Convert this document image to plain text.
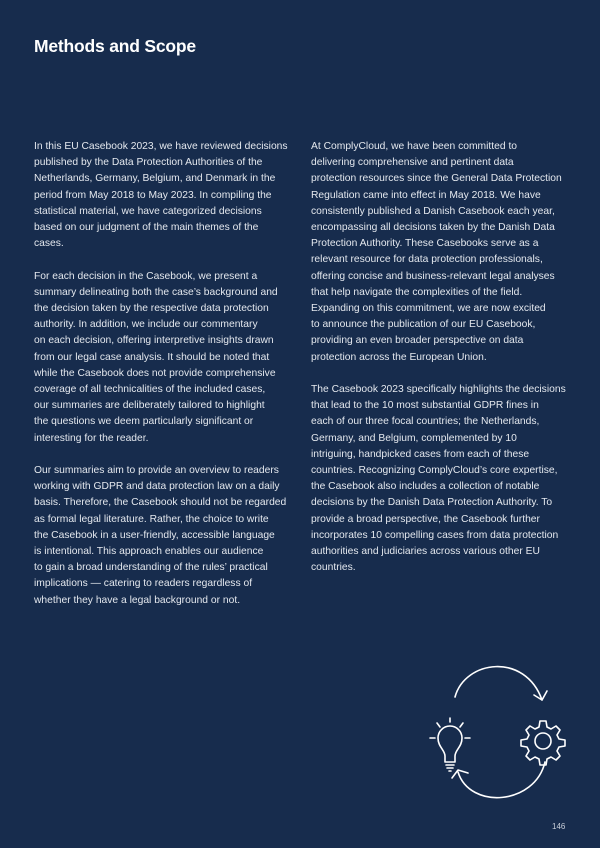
Methods and Scope
In this EU Casebook 2023, we have reviewed decisions
published by the Data Protection Authorities of the
Netherlands, Germany, Belgium, and Denmark in the
period from May 2018 to May 2023. In compiling the
statistical material, we have categorized decisions
based on our judgment of the main themes of the
cases.
For each decision in the Casebook, we present a
summary delineating both the case’s background and
the decision taken by the respective data protection
authority. In addition, we include our commentary
on each decision, offering interpretive insights drawn
from our legal case analysis. It should be noted that
while the Casebook does not provide comprehensive
coverage of all technicalities of the included cases,
our summaries are deliberately tailored to highlight
the questions we deem particularly significant or
interesting for the reader.
Our summaries aim to provide an overview to readers
working with GDPR and data protection law on a daily
basis. Therefore, the Casebook should not be regarded
as formal legal literature. Rather, the choice to write
the Casebook in a user-friendly, accessible language
is intentional. This approach enables our audience
to gain a broad understanding of the rules’ practical
implications — catering to readers regardless of
whether they have a legal background or not.
At ComplyCloud, we have been committed to
delivering comprehensive and pertinent data
protection resources since the General Data Protection
Regulation came into effect in May 2018. We have
consistently published a Danish Casebook each year,
encompassing all decisions taken by the Danish Data
Protection Authority. These Casebooks serve as a
relevant resource for data protection professionals,
offering concise and business-relevant legal analyses
that help navigate the complexities of the field.
Expanding on this commitment, we are now excited
to announce the publication of our EU Casebook,
providing an even broader perspective on data
protection across the European Union.
The Casebook 2023 specifically highlights the decisions
that lead to the 10 most substantial GDPR fines in
each of our three focal countries; the Netherlands,
Germany, and Belgium, complemented by 10
intriguing, handpicked cases from each of these
countries. Recognizing ComplyCloud’s core expertise,
the Casebook also includes a collection of notable
decisions by the Danish Data Protection Authority. To
provide a broad perspective, the Casebook further
incorporates 10 compelling cases from data protection
authorities and judiciaries across various other EU
countries.
146
